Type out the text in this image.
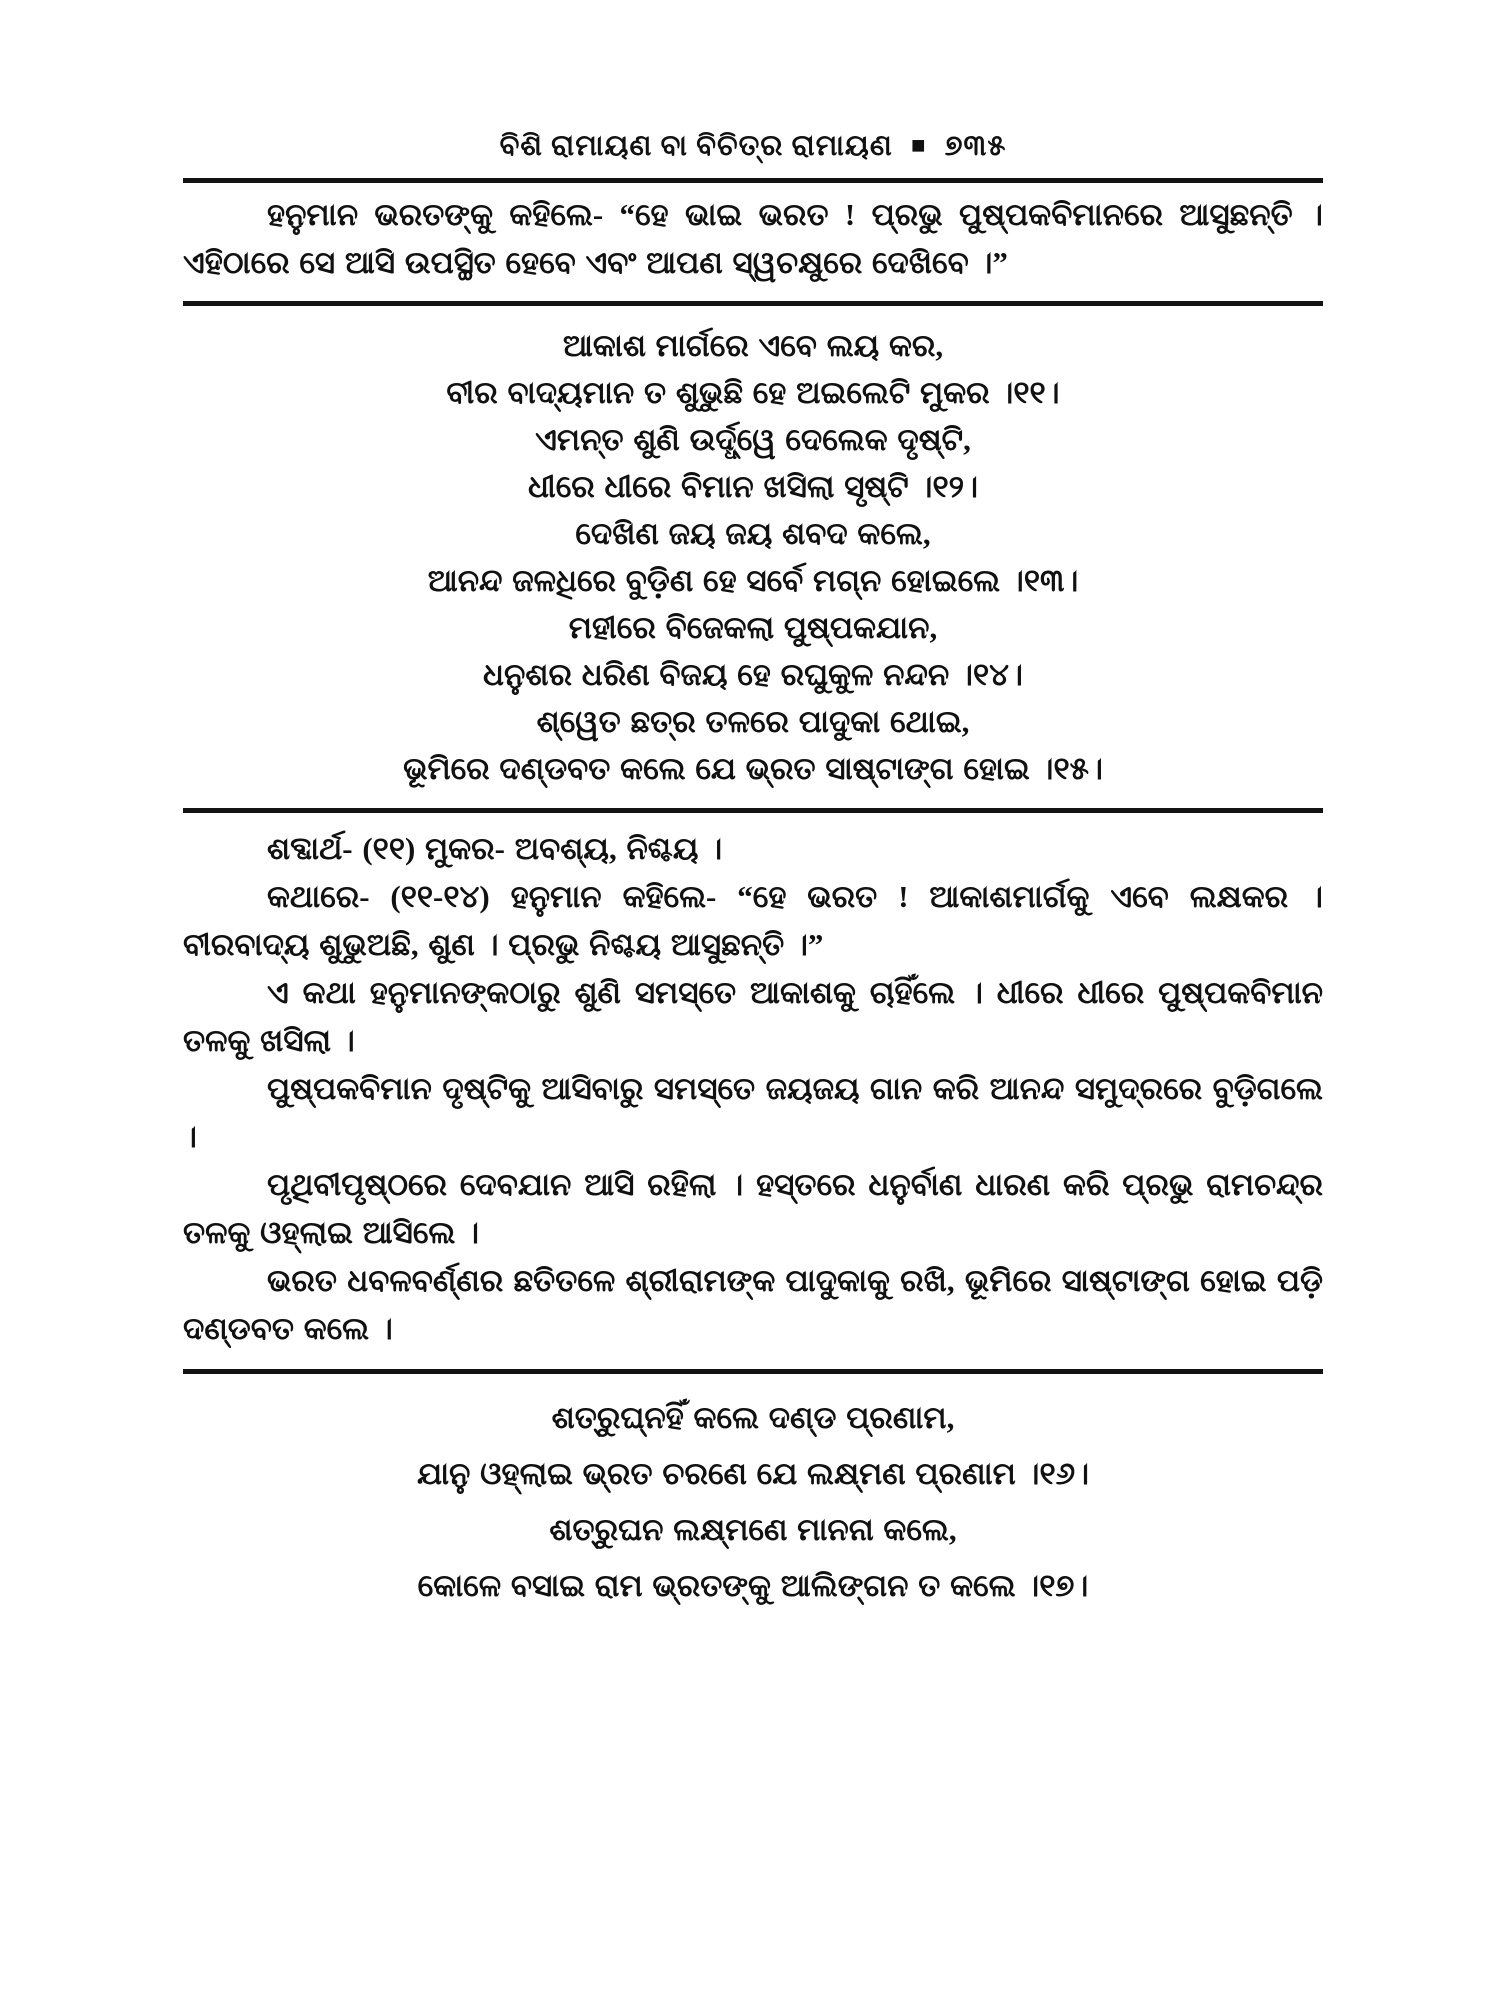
ବିଶି ରାମାୟଣ ବା ବିଚିତ୍ର ରାମାୟଣ ■ ୭୩୫

ହନୁମାନ ଭରତଙ୍କୁ କହିଲେ- “ହେ ଭାଇ ଭରତ ! ପ୍ରଭୁ ପୁଷ୍ପକବିମାନରେ ଆସୁଛନ୍ତି । ଏହିଠାରେ ସେ ଆସି ଉପସ୍ଥିତ ହେବେ ଏବଂ ଆପଣ ସ୍ୱଚକ୍ଷୁରେ ଦେଖିବେ ।”

ଆକାଶ ମାର୍ଗରେ ଏବେ ଲୟ କର,
ବୀର ବାଦ୍ୟମାନ ତ ଶୁଭୁଛି ହେ ଅଇଲେଟି ମୁକର ।୧୧।
ଏମନ୍ତ ଶୁଣି ଉର୍ଦ୍ଧ୍ୱେ ଦେଲେକ ଦୃଷ୍ଟି,
ଧୀରେ ଧୀରେ ବିମାନ ଖସିଲା ସୃଷ୍ଟି ।୧୨।
ଦେଖିଣ ଜୟ ଜୟ ଶବଦ କଲେ,
ଆନନ୍ଦ ଜଳଧିରେ ବୁଡ଼ିଣ ହେ ସର୍ବେ ମଗ୍ନ ହୋଇଲେ ।୧୩।
ମହୀରେ ବିଜେକଲା ପୁଷ୍ପକଯାନ,
ଧନୁଶର ଧରିଣ ବିଜୟ ହେ ରଘୁକୁଳ ନନ୍ଦନ ।୧୪।
ଶ୍ୱେତ ଛତ୍ର ତଳରେ ପାଦୁକା ଥୋଇ,
ଭୂମିରେ ଦଣ୍ଡବତ କଲେ ଯେ ଭ୍ରତ ସାଷ୍ଟାଙ୍ଗ ହୋଇ ।୧୫।

ଶବ୍ଦାର୍ଥ- (୧୧) ମୁକର- ଅବଶ୍ୟ, ନିଶ୍ଚୟ ।

କଥାରେ- (୧୧-୧୪) ହନୁମାନ କହିଲେ- “ହେ ଭରତ ! ଆକାଶମାର୍ଗକୁ ଏବେ ଲକ୍ଷକର । ବୀରବାଦ୍ୟ ଶୁଭୁଅଛି, ଶୁଣ । ପ୍ରଭୁ ନିଶ୍ଚୟ ଆସୁଛନ୍ତି ।”

ଏ କଥା ହନୁମାନଙ୍କଠାରୁ ଶୁଣି ସମସ୍ତେ ଆକାଶକୁ ଚାହିଁଲେ । ଧୀରେ ଧୀରେ ପୁଷ୍ପକବିମାନ ତଳକୁ ଖସିଲା ।

ପୁଷ୍ପକବିମାନ ଦୃଷ୍ଟିକୁ ଆସିବାରୁ ସମସ୍ତେ ଜୟଜୟ ଗାନ କରି ଆନନ୍ଦ ସମୁଦ୍ରରେ ବୁଡ଼ିଗଲେ ।

ପୃଥିବୀପୃଷ୍ଠରେ ଦେବଯାନ ଆସି ରହିଲା । ହସ୍ତରେ ଧନୁର୍ବାଣ ଧାରଣ କରି ପ୍ରଭୁ ରାମଚନ୍ଦ୍ର ତଳକୁ ଓହ୍ଲାଇ ଆସିଲେ ।

ଭରତ ଧବଳବର୍ଣ୍ଣର ଛତିତଳେ ଶ୍ରୀରାମଙ୍କ ପାଦୁକାକୁ ରଖି, ଭୂମିରେ ସାଷ୍ଟାଙ୍ଗ ହୋଇ ପଡ଼ି ଦଣ୍ଡବତ କଲେ ।

ଶତ୍ରୁଘ୍ନହିଁ କଲେ ଦଣ୍ଡ ପ୍ରଣାମ,
ଯାନୁ ଓହ୍ଲାଇ ଭ୍ରତ ଚରଣେ ଯେ ଲକ୍ଷ୍ମଣ ପ୍ରଣାମ ।୧୬।
ଶତ୍ରୁଘନ ଲକ୍ଷ୍ମଣେ ମାନନା କଲେ,
କୋଳେ ବସାଇ ରାମ ଭ୍ରତଙ୍କୁ ଆଲିଙ୍ଗନ ତ କଲେ ।୧୭।
